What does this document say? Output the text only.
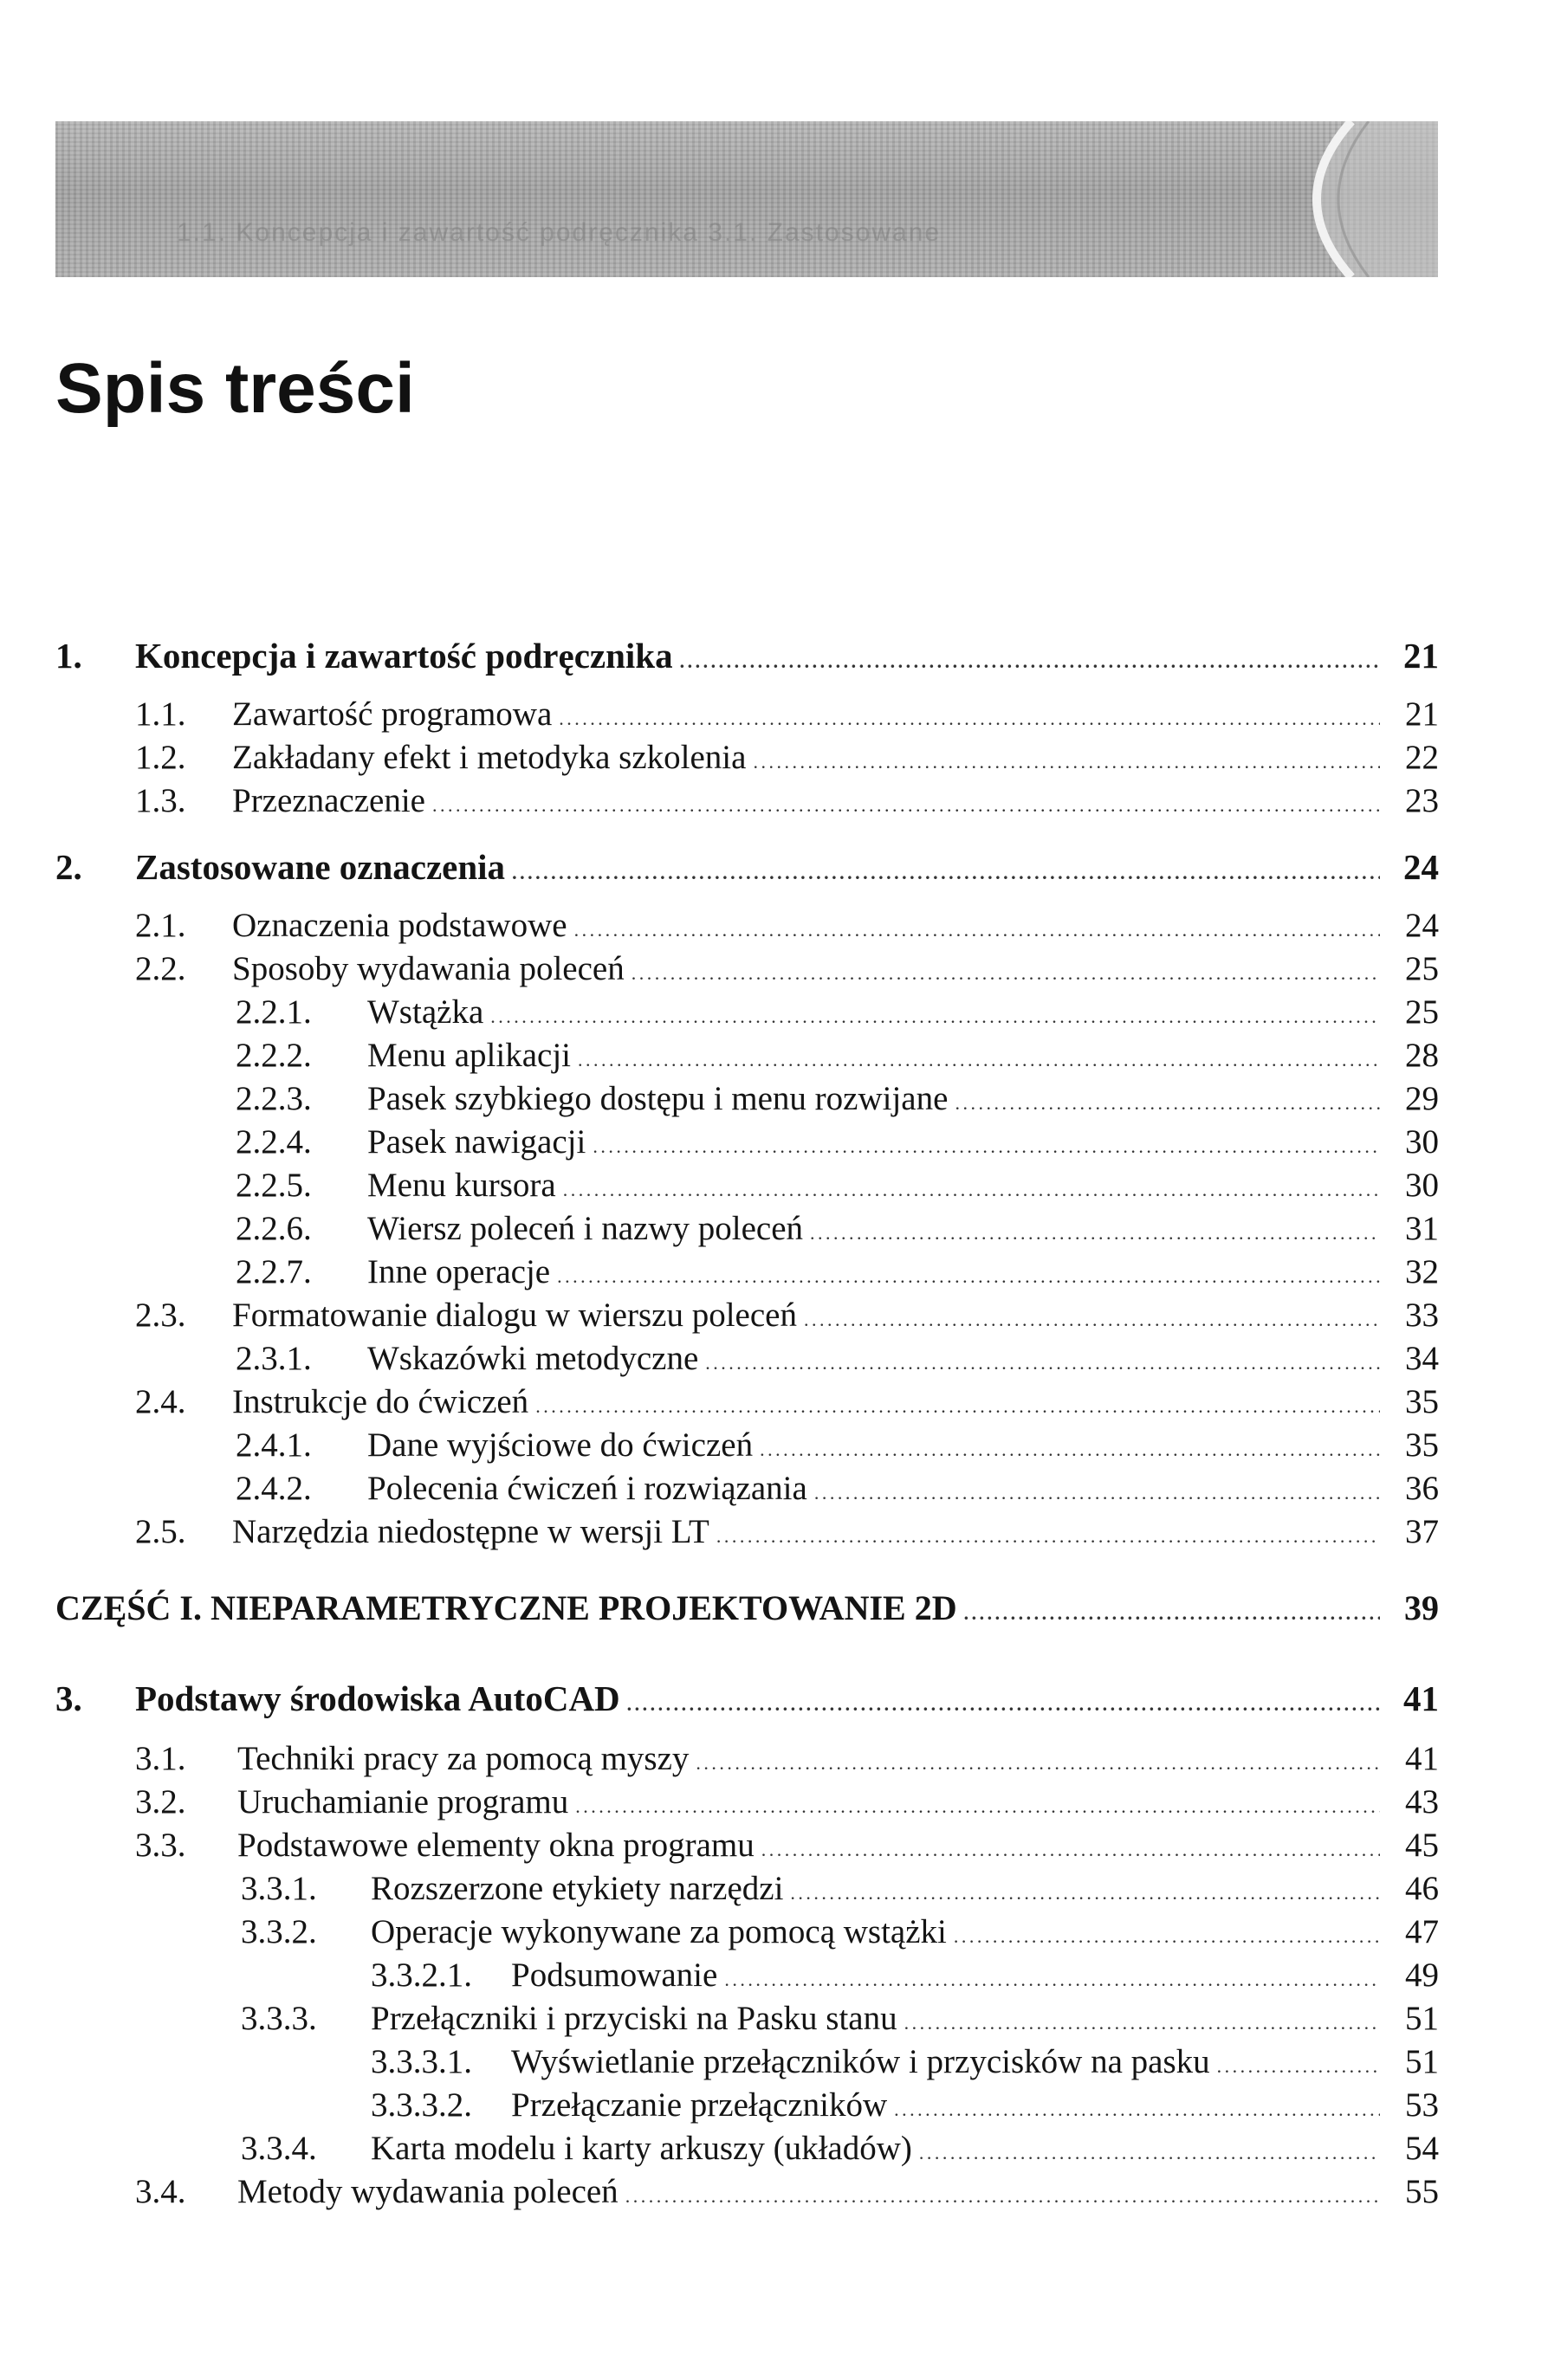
1.1. Koncepcja i zawartość podręcznika 3.1. Zastosowane
Spis treści
1.	Koncepcja i zawartość podręcznika . . .	21
1.1.	Zawartość programowa . . .	21
1.2.	Zakładany efekt i metodyka szkolenia . . .	22
1.3.	Przeznaczenie . . .	23
2.	Zastosowane oznaczenia . . .	24
2.1.	Oznaczenia podstawowe . . .	24
2.2.	Sposoby wydawania poleceń . . .	25
2.2.1.	Wstążka . . .	25
2.2.2.	Menu aplikacji . . .	28
2.2.3.	Pasek szybkiego dostępu i menu rozwijane . . .	29
2.2.4.	Pasek nawigacji . . .	30
2.2.5.	Menu kursora . . .	30
2.2.6.	Wiersz poleceń i nazwy poleceń . . .	31
2.2.7.	Inne operacje . . .	32
2.3.	Formatowanie dialogu w wierszu poleceń . . .	33
2.3.1.	Wskazówki metodyczne . . .	34
2.4.	Instrukcje do ćwiczeń . . .	35
2.4.1.	Dane wyjściowe do ćwiczeń . . .	35
2.4.2.	Polecenia ćwiczeń i rozwiązania . . .	36
2.5.	Narzędzia niedostępne w wersji LT . . .	37
CZĘŚĆ I. NIEPARAMETRYCZNE PROJEKTOWANIE 2D . . .	39
3.	Podstawy środowiska AutoCAD . . .	41
3.1.	Techniki pracy za pomocą myszy . . .	41
3.2.	Uruchamianie programu . . .	43
3.3.	Podstawowe elementy okna programu . . .	45
3.3.1.	Rozszerzone etykiety narzędzi . . .	46
3.3.2.	Operacje wykonywane za pomocą wstążki . . .	47
3.3.2.1.	Podsumowanie . . .	49
3.3.3.	Przełączniki i przyciski na Pasku stanu . . .	51
3.3.3.1.	Wyświetlanie przełączników i przycisków na pasku . . .	51
3.3.3.2.	Przełączanie przełączników . . .	53
3.3.4.	Karta modelu i karty arkuszy (układów) . . .	54
3.4.	Metody wydawania poleceń . . .	55
